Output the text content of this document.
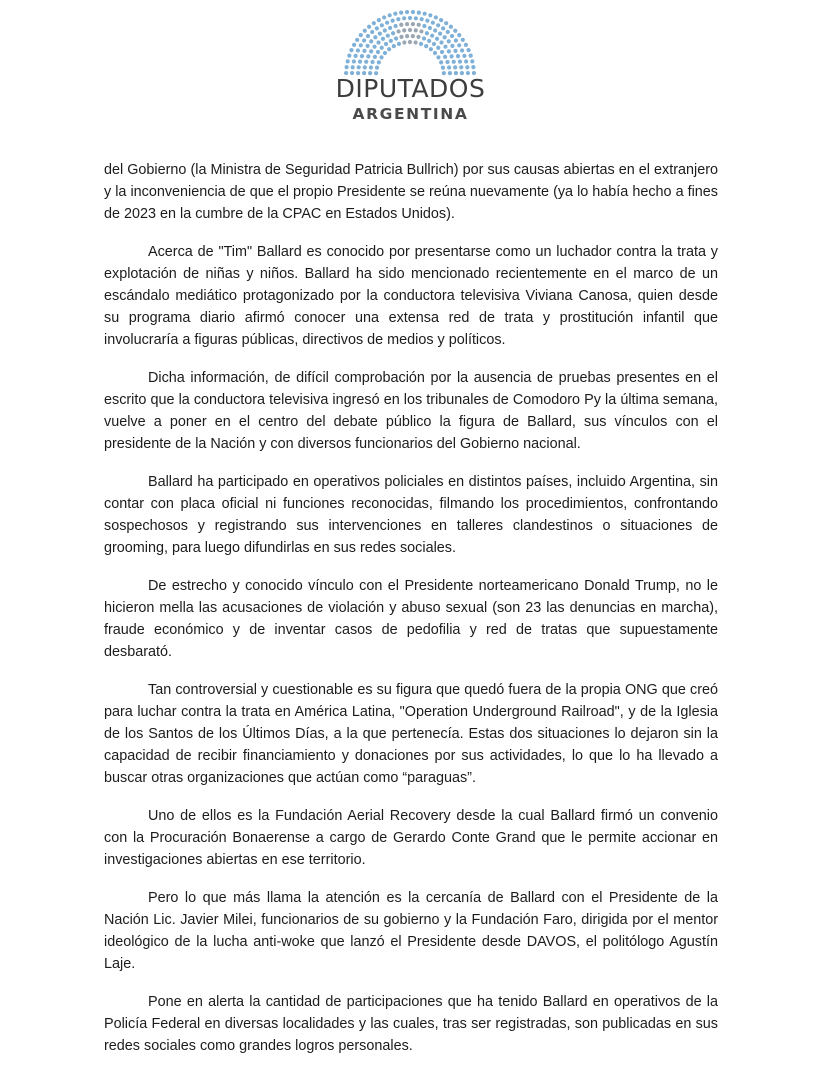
DIPUTADOS
ARGENTINA

del Gobierno (la Ministra de Seguridad Patricia Bullrich) por sus causas abiertas en el extranjero y la inconveniencia de que el propio Presidente se reúna nuevamente (ya lo había hecho a fines de 2023 en la cumbre de la CPAC en Estados Unidos).

Acerca de "Tim" Ballard es conocido por presentarse como un luchador contra la trata y explotación de niñas y niños. Ballard ha sido mencionado recientemente en el marco de un escándalo mediático protagonizado por la conductora televisiva Viviana Canosa, quien desde su programa diario afirmó conocer una extensa red de trata y prostitución infantil que involucraría a figuras públicas, directivos de medios y políticos.

Dicha información, de difícil comprobación por la ausencia de pruebas presentes en el escrito que la conductora televisiva ingresó en los tribunales de Comodoro Py la última semana, vuelve a poner en el centro del debate público la figura de Ballard, sus vínculos con el presidente de la Nación y con diversos funcionarios del Gobierno nacional.

Ballard ha participado en operativos policiales en distintos países, incluido Argentina, sin contar con placa oficial ni funciones reconocidas, filmando los procedimientos, confrontando sospechosos y registrando sus intervenciones en talleres clandestinos o situaciones de grooming, para luego difundirlas en sus redes sociales.

De estrecho y conocido vínculo con el Presidente norteamericano Donald Trump, no le hicieron mella las acusaciones de violación y abuso sexual (son 23 las denuncias en marcha), fraude económico y de inventar casos de pedofilia y red de tratas que supuestamente desbarató.

Tan controversial y cuestionable es su figura que quedó fuera de la propia ONG que creó para luchar contra la trata en América Latina, "Operation Underground Railroad", y de la Iglesia de los Santos de los Últimos Días, a la que pertenecía. Estas dos situaciones lo dejaron sin la capacidad de recibir financiamiento y donaciones por sus actividades, lo que lo ha llevado a buscar otras organizaciones que actúan como “paraguas”.

Uno de ellos es la Fundación Aerial Recovery desde la cual Ballard firmó un convenio con la Procuración Bonaerense a cargo de Gerardo Conte Grand que le permite accionar en investigaciones abiertas en ese territorio.

Pero lo que más llama la atención es la cercanía de Ballard con el Presidente de la Nación Lic. Javier Milei, funcionarios de su gobierno y la Fundación Faro, dirigida por el mentor ideológico de la lucha anti-woke que lanzó el Presidente desde DAVOS, el politólogo Agustín Laje.

Pone en alerta la cantidad de participaciones que ha tenido Ballard en operativos de la Policía Federal en diversas localidades y las cuales, tras ser registradas, son publicadas en sus redes sociales como grandes logros personales.
